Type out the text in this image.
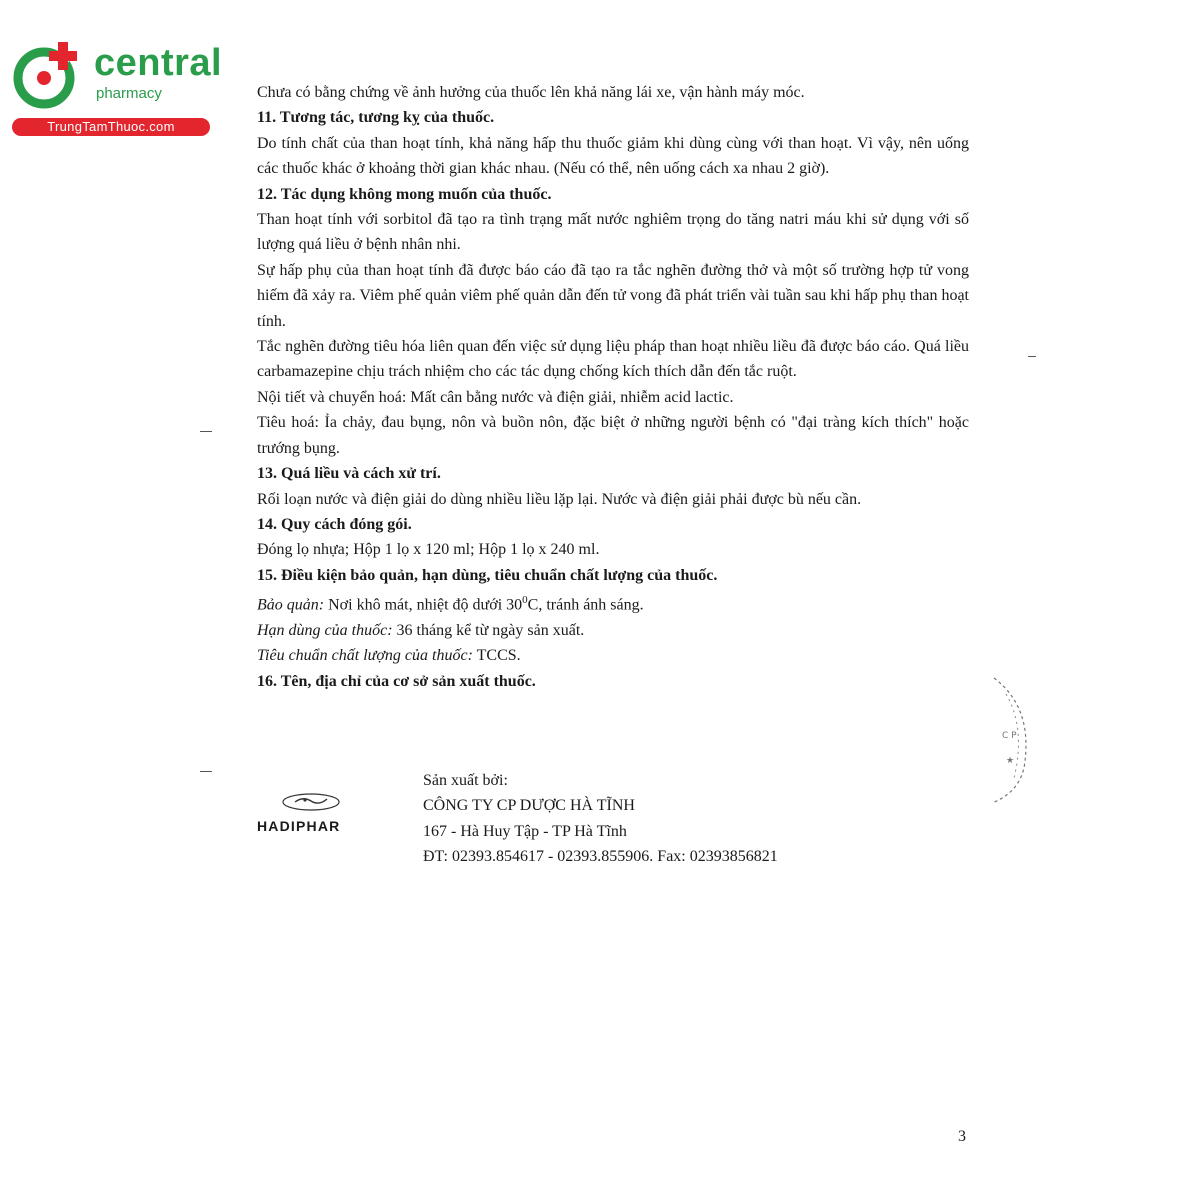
central
pharmacy
TrungTamThuoc.com

Chưa có bằng chứng về ảnh hưởng của thuốc lên khả năng lái xe, vận hành máy móc.

11. Tương tác, tương kỵ của thuốc.

Do tính chất của than hoạt tính, khả năng hấp thu thuốc giảm khi dùng cùng với than hoạt. Vì vậy, nên uống các thuốc khác ở khoảng thời gian khác nhau. (Nếu có thể, nên uống cách xa nhau 2 giờ).

12. Tác dụng không mong muốn của thuốc.

Than hoạt tính với sorbitol đã tạo ra tình trạng mất nước nghiêm trọng do tăng natri máu khi sử dụng với số lượng quá liều ở bệnh nhân nhi.

Sự hấp phụ của than hoạt tính đã được báo cáo đã tạo ra tắc nghẽn đường thở và một số trường hợp tử vong hiếm đã xảy ra. Viêm phế quản viêm phế quản dẫn đến tử vong đã phát triển vài tuần sau khi hấp phụ than hoạt tính.

Tắc nghẽn đường tiêu hóa liên quan đến việc sử dụng liệu pháp than hoạt nhiều liều đã được báo cáo. Quá liều carbamazepine chịu trách nhiệm cho các tác dụng chống kích thích dẫn đến tắc ruột.

Nội tiết và chuyển hoá: Mất cân bằng nước và điện giải, nhiễm acid lactic.

Tiêu hoá: Ỉa chảy, đau bụng, nôn và buồn nôn, đặc biệt ở những người bệnh có "đại tràng kích thích" hoặc trướng bụng.

13. Quá liều và cách xử trí.

Rối loạn nước và điện giải do dùng nhiều liều lặp lại. Nước và điện giải phải được bù nếu cần.

14. Quy cách đóng gói.

Đóng lọ nhựa; Hộp 1 lọ x 120 ml; Hộp 1 lọ x 240 ml.

15. Điều kiện bảo quản, hạn dùng, tiêu chuẩn chất lượng của thuốc.

Bảo quản: Nơi khô mát, nhiệt độ dưới $30^0C$, tránh ánh sáng.

Hạn dùng của thuốc: 36 tháng kể từ ngày sản xuất.

Tiêu chuẩn chất lượng của thuốc: TCCS.

16. Tên, địa chỉ của cơ sở sản xuất thuốc.
HADIPHAR
Sản xuất bởi:
CÔNG TY CP DƯỢC HÀ TĨNH
167 - Hà Huy Tập - TP Hà Tĩnh
ĐT: 02393.854617 - 02393.855906. Fax: 02393856821
C P
★
3
